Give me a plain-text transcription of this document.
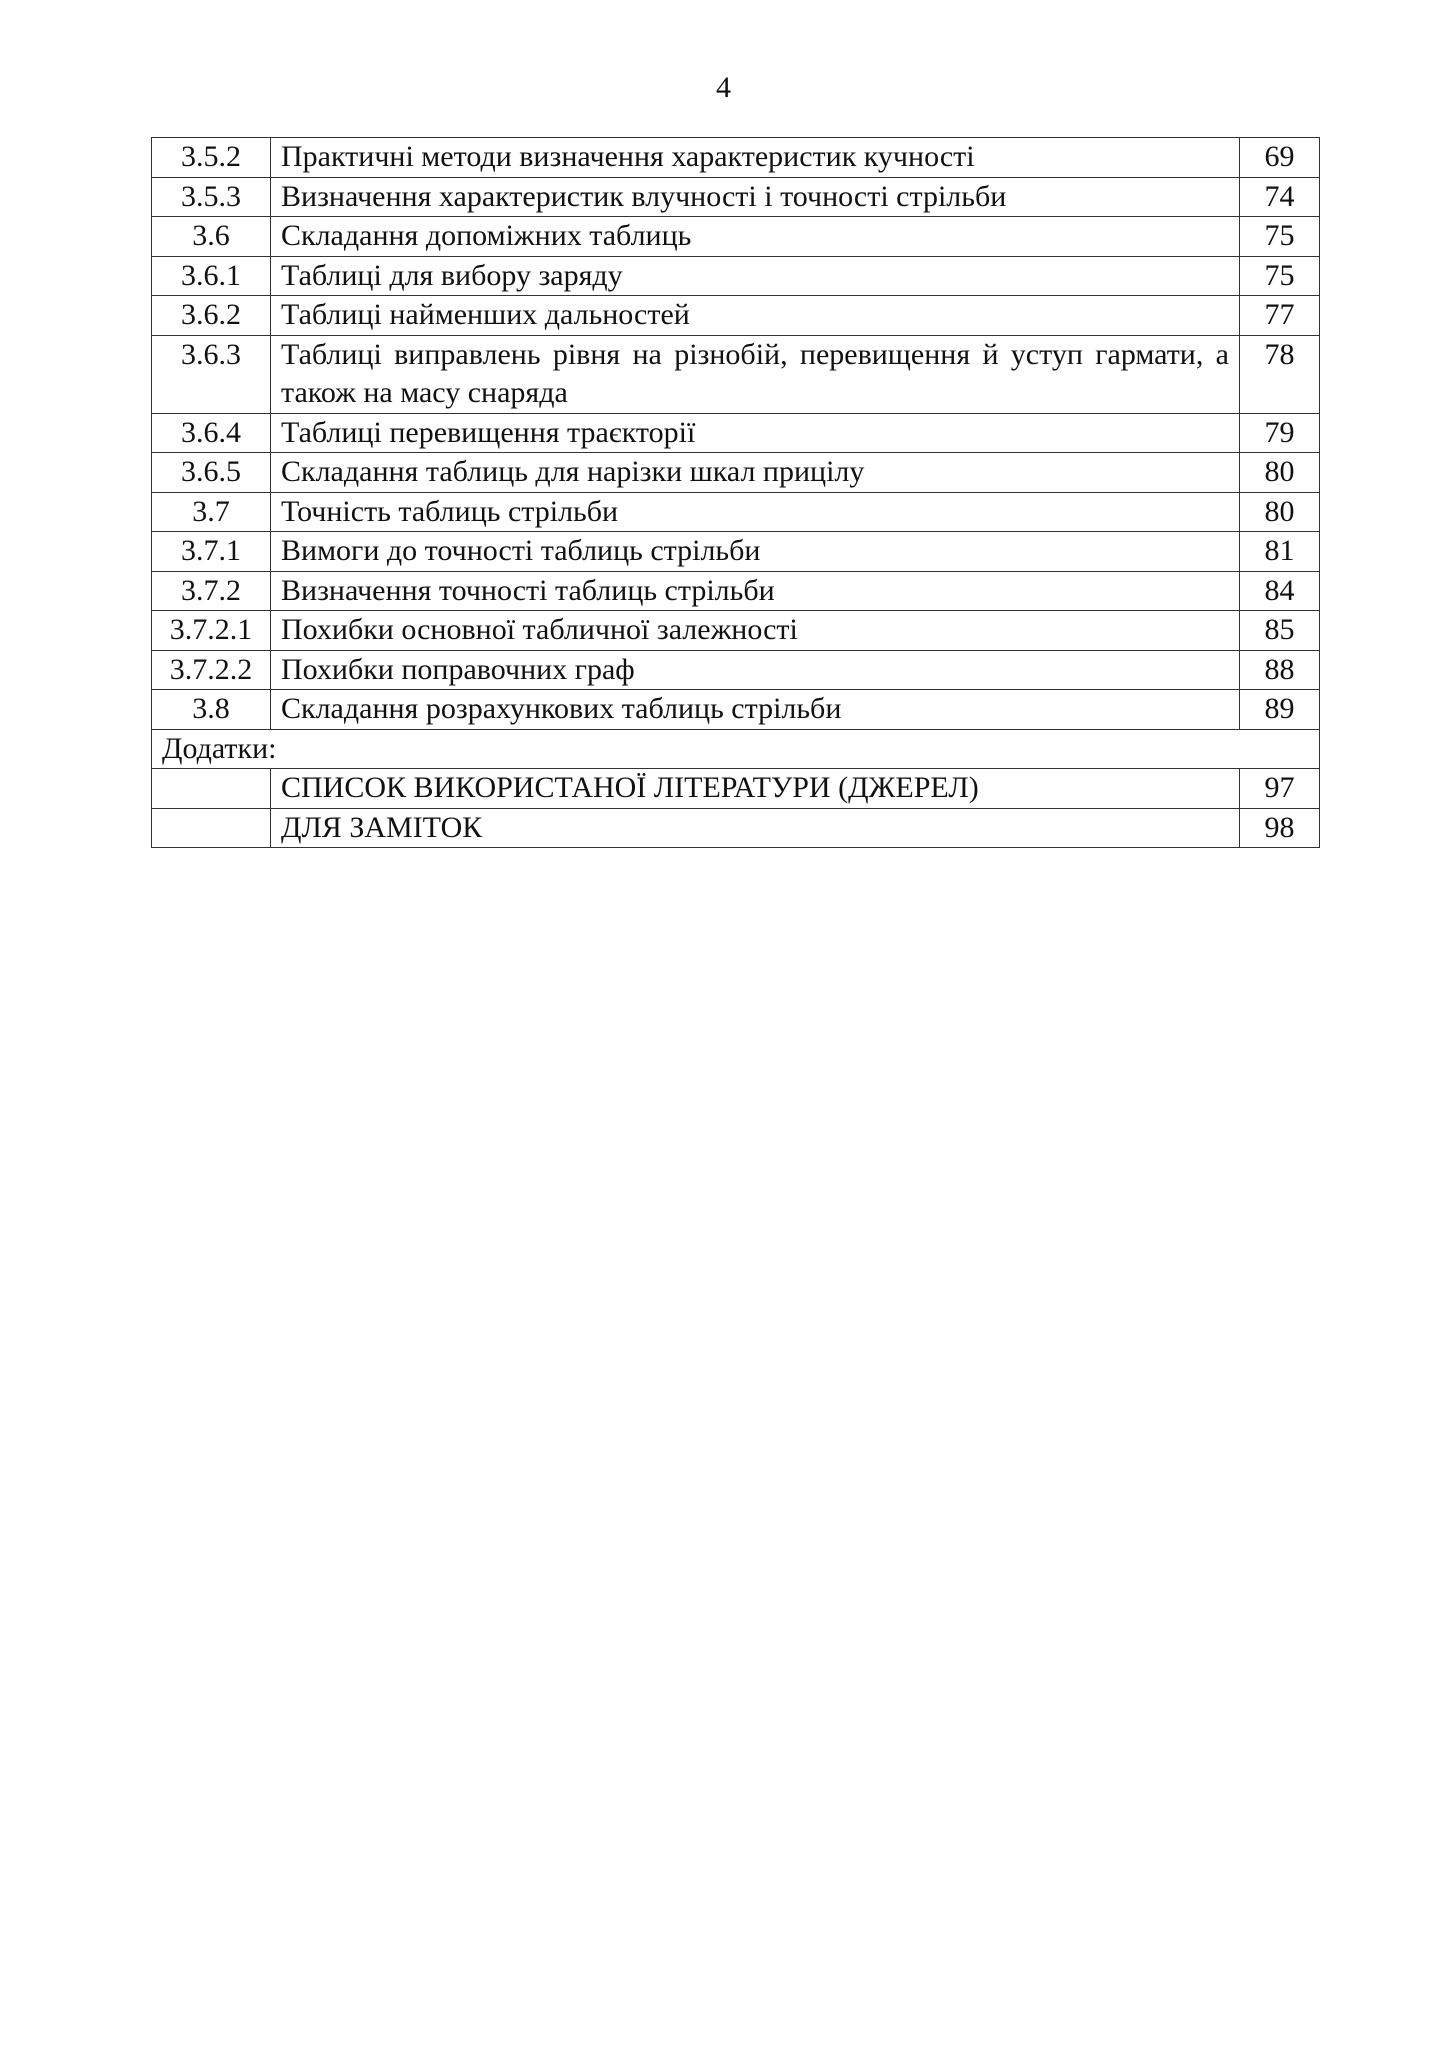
4
3.5.2	Практичні методи визначення характеристик кучності	69
3.5.3	Визначення характеристик влучності і точності стрільби	74
3.6	Складання допоміжних таблиць	75
3.6.1	Таблиці для вибору заряду	75
3.6.2	Таблиці найменших дальностей	77
3.6.3	Таблиці виправлень рівня на різнобій, перевищення й уступ гармати, а також на масу снаряда	78
3.6.4	Таблиці перевищення траєкторії	79
3.6.5	Складання таблиць для нарізки шкал прицілу	80
3.7	Точність таблиць стрільби	80
3.7.1	Вимоги до точності таблиць стрільби	81
3.7.2	Визначення точності таблиць стрільби	84
3.7.2.1	Похибки основної табличної залежності	85
3.7.2.2	Похибки поправочних граф	88
3.8	Складання розрахункових таблиць стрільби	89
Додатки:		
	СПИСОК ВИКОРИСТАНОЇ ЛІТЕРАТУРИ (ДЖЕРЕЛ)	97
	ДЛЯ ЗАМІТОК	98
